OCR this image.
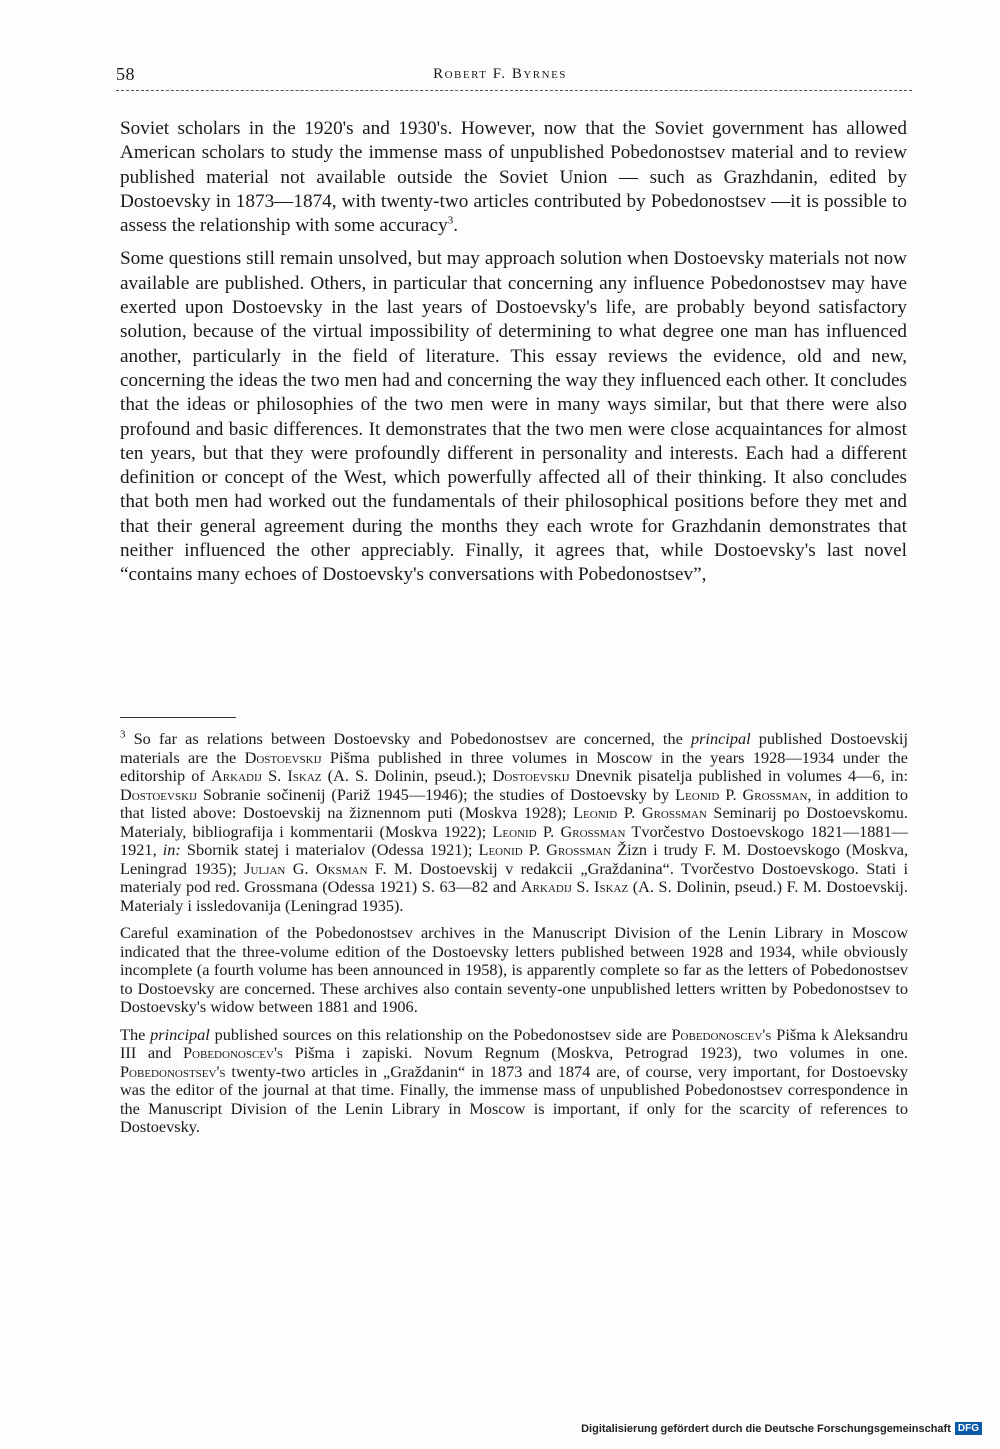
58	Robert F. Byrnes

Soviet scholars in the 1920's and 1930's. However, now that the Soviet government has allowed American scholars to study the immense mass of unpublished Pobedonostsev material and to review published material not available outside the Soviet Union — such as Grazhdanin, edited by Dostoevsky in 1873—1874, with twenty-two articles contributed by Pobedonostsev —it is possible to assess the relationship with some accuracy$^3$.

Some questions still remain unsolved, but may approach solution when Dostoevsky materials not now available are published. Others, in particular that concerning any influence Pobedonostsev may have exerted upon Dostoevsky in the last years of Dostoevsky's life, are probably beyond satisfactory solution, because of the virtual impossibility of determining to what degree one man has influenced another, particularly in the field of literature. This essay reviews the evidence, old and new, concerning the ideas the two men had and concerning the way they influenced each other. It concludes that the ideas or philosophies of the two men were in many ways similar, but that there were also profound and basic differences. It demonstrates that the two men were close acquaintances for almost ten years, but that they were profoundly different in personality and interests. Each had a different definition or concept of the West, which powerfully affected all of their thinking. It also concludes that both men had worked out the fundamentals of their philosophical positions before they met and that their general agreement during the months they each wrote for Grazhdanin demonstrates that neither influenced the other appreciably. Finally, it agrees that, while Dostoevsky's last novel “contains many echoes of Dostoevsky's conversations with Pobedonostsev”,

$^3$ So far as relations between Dostoevsky and Pobedonostsev are concerned, the principal published Dostoevskij materials are the Dostoevskij Pišma published in three volumes in Moscow in the years 1928—1934 under the editorship of Arkadij S. Iskaz (A. S. Dolinin, pseud.); Dostoevskij Dnevnik pisatelja published in volumes 4—6, in: Dostoevskij Sobranie sočinenij (Pariž 1945—1946); the studies of Dostoevsky by Leonid P. Grossman, in addition to that listed above: Dostoevskij na žiznennom puti (Moskva 1928); Leonid P. Grossman Seminarij po Dostoevskomu. Materialy, bibliografija i kommentarii (Moskva 1922); Leonid P. Grossman Tvorčestvo Dostoevskogo 1821—1881—1921, in: Sbornik statej i materialov (Odessa 1921); Leonid P. Grossman Žizn i trudy F. M. Dostoevskogo (Moskva, Leningrad 1935); Juljan G. Oksman F. M. Dostoevskij v redakcii „Graždanina“. Tvorčestvo Dostoevskogo. Stati i materialy pod red. Grossmana (Odessa 1921) S. 63—82 and Arkadij S. Iskaz (A. S. Dolinin, pseud.) F. M. Dostoevskij. Materialy i issledovanija (Leningrad 1935).

Careful examination of the Pobedonostsev archives in the Manuscript Division of the Lenin Library in Moscow indicated that the three-volume edition of the Dostoevsky letters published between 1928 and 1934, while obviously incomplete (a fourth volume has been announced in 1958), is apparently complete so far as the letters of Pobedonostsev to Dostoevsky are concerned. These archives also contain seventy-one unpublished letters written by Pobedonostsev to Dostoevsky's widow between 1881 and 1906.

The principal published sources on this relationship on the Pobedonostsev side are Pobedonoscev's Pišma k Aleksandru III and Pobedonoscev's Pišma i zapiski. Novum Regnum (Moskva, Petrograd 1923), two volumes in one. Pobedonostsev's twenty-two articles in „Graždanin“ in 1873 and 1874 are, of course, very important, for Dostoevsky was the editor of the journal at that time. Finally, the immense mass of unpublished Pobedonostsev correspondence in the Manuscript Division of the Lenin Library in Moscow is important, if only for the scarcity of references to Dostoevsky.

Digitalisierung gefördert durch die Deutsche Forschungsgemeinschaft DFG
